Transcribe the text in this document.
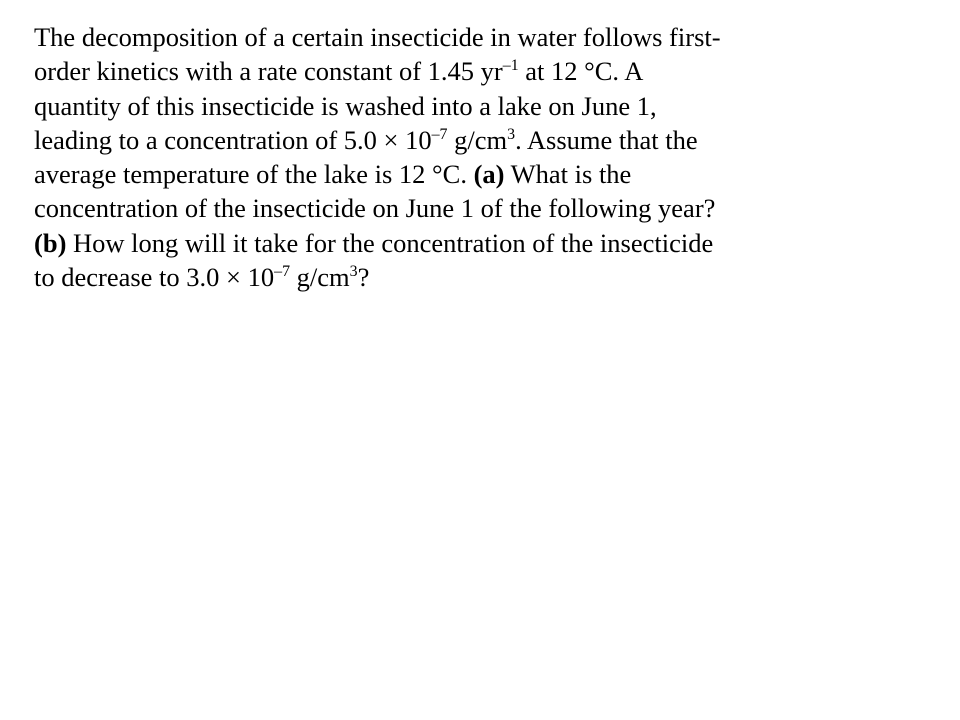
The decomposition of a certain insecticide in water follows first-
order kinetics with a rate constant of 1.45 $yr^{-1}$ at 12 °C. A
quantity of this insecticide is washed into a lake on June 1,
leading to a concentration of $5.0 \times 10^{-7}$ $g/cm^3$. Assume that the
average temperature of the lake is 12 °C. (a) What is the
concentration of the insecticide on June 1 of the following year?
(b) How long will it take for the concentration of the insecticide
to decrease to $3.0 \times 10^{-7}$ $g/cm^3$?
